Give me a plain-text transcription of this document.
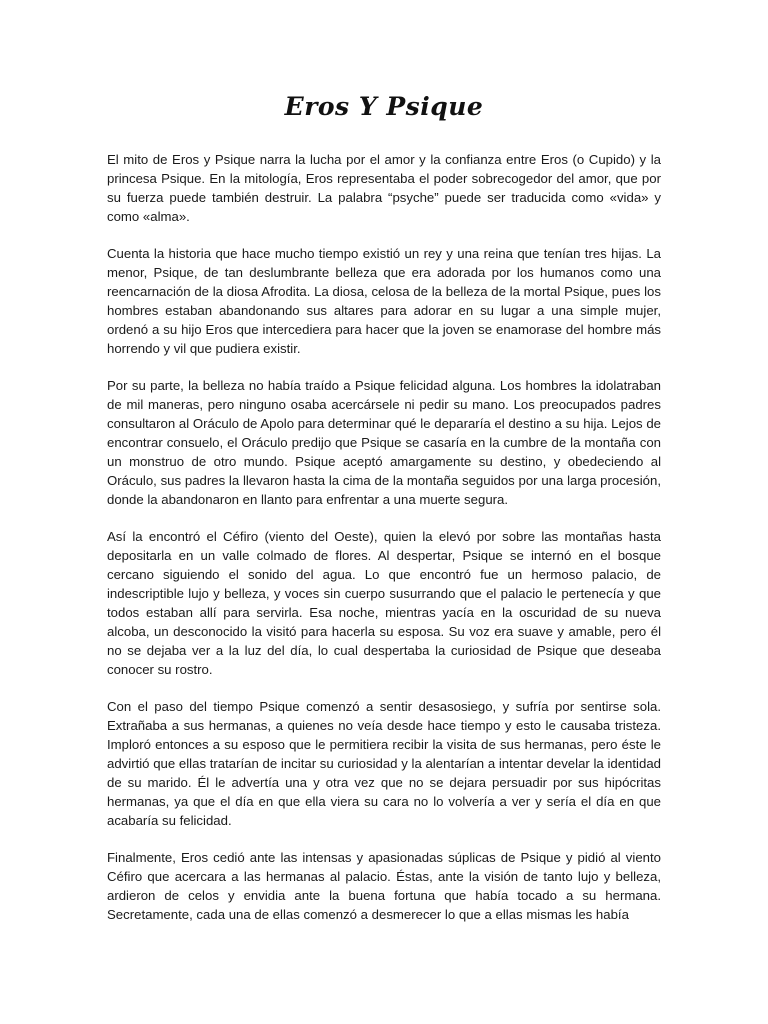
Eros Y Psique

El mito de Eros y Psique narra la lucha por el amor y la confianza entre Eros (o Cupido) y la princesa Psique. En la mitología, Eros representaba el poder sobrecogedor del amor, que por su fuerza puede también destruir. La palabra “psyche” puede ser traducida como «vida» y como «alma».

Cuenta la historia que hace mucho tiempo existió un rey y una reina que tenían tres hijas. La menor, Psique, de tan deslumbrante belleza que era adorada por los humanos como una reencarnación de la diosa Afrodita. La diosa, celosa de la belleza de la mortal Psique, pues los hombres estaban abandonando sus altares para adorar en su lugar a una simple mujer, ordenó a su hijo Eros que intercediera para hacer que la joven se enamorase del hombre más horrendo y vil que pudiera existir.

Por su parte, la belleza no había traído a Psique felicidad alguna. Los hombres la idolatraban de mil maneras, pero ninguno osaba acercársele ni pedir su mano. Los preocupados padres consultaron al Oráculo de Apolo para determinar qué le depararía el destino a su hija. Lejos de encontrar consuelo, el Oráculo predijo que Psique se casaría en la cumbre de la montaña con un monstruo de otro mundo. Psique aceptó amargamente su destino, y obedeciendo al Oráculo, sus padres la llevaron hasta la cima de la montaña seguidos por una larga procesión, donde la abandonaron en llanto para enfrentar a una muerte segura.

Así la encontró el Céfiro (viento del Oeste), quien la elevó por sobre las montañas hasta depositarla en un valle colmado de flores. Al despertar, Psique se internó en el bosque cercano siguiendo el sonido del agua. Lo que encontró fue un hermoso palacio, de indescriptible lujo y belleza, y voces sin cuerpo susurrando que el palacio le pertenecía y que todos estaban allí para servirla. Esa noche, mientras yacía en la oscuridad de su nueva alcoba, un desconocido la visitó para hacerla su esposa. Su voz era suave y amable, pero él no se dejaba ver a la luz del día, lo cual despertaba la curiosidad de Psique que deseaba conocer su rostro.

Con el paso del tiempo Psique comenzó a sentir desasosiego, y sufría por sentirse sola. Extrañaba a sus hermanas, a quienes no veía desde hace tiempo y esto le causaba tristeza. Imploró entonces a su esposo que le permitiera recibir la visita de sus hermanas, pero éste le advirtió que ellas tratarían de incitar su curiosidad y la alentarían a intentar develar la identidad de su marido. Él le advertía una y otra vez que no se dejara persuadir por sus hipócritas hermanas, ya que el día en que ella viera su cara no lo volvería a ver y sería el día en que acabaría su felicidad.

Finalmente, Eros cedió ante las intensas y apasionadas súplicas de Psique y pidió al viento Céfiro que acercara a las hermanas al palacio. Éstas, ante la visión de tanto lujo y belleza, ardieron de celos y envidia ante la buena fortuna que había tocado a su hermana. Secretamente, cada una de ellas comenzó a desmerecer lo que a ellas mismas les había
